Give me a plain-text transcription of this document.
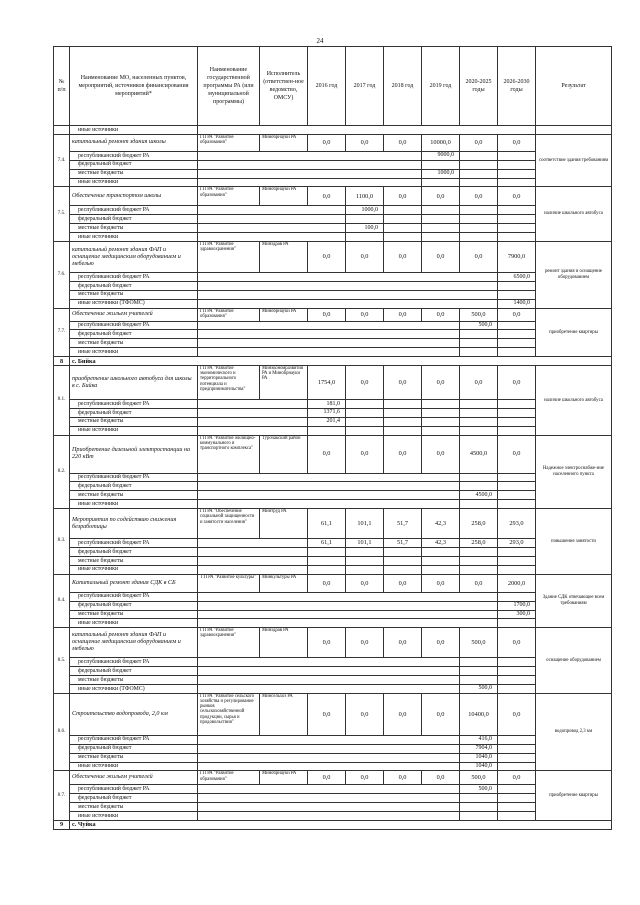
24
№ п/п	Наименование МО, населенных пунктов, мероприятий, источников финансирования мероприятий*	Наименование государственной программы РА (или муниципальной программы)	Исполнитель (ответствен-ное ведомство, ОМСУ)	2016 год	2017 год	2018 год	2019 год	2020-2025 годы	2026-2030 годы	Результат
	иные источники									
7.4.	капитальный ремонт здания школы	ГП РА "Развитие образования"	Минобрнауки РА	0,0	0,0	0,0	10000,0	0,0	0,0	соответствие здания требованиям
	республиканский бюджет РА						9000,0			
	федеральный бюджет									
	местные бюджеты						1000,0			
	иные источники									
7.5.	Обеспечение транспортом школы	ГП РА "Развитие образования"	Минобрнауки РА	0,0	1100,0	0,0	0,0	0,0	0,0	наличие школьного автобуса
	республиканский бюджет РА				1000,0					
	федеральный бюджет									
	местные бюджеты				100,0					
	иные источники									
7.6.	капитальный ремонт здания ФАП и оснащение медицинским оборудованием и мебелью	ГП РА "Развитие здравоохранения"	Минздрав РА	0,0	0,0	0,0	0,0	0,0	7900,0	ремонт здания и оснащение оборудованием
	республиканский бюджет РА								6500,0	
	федеральный бюджет									
	местные бюджеты									
	иные источники (ТФОМС)								1400,0	
7.7.	Обеспечение жильем учителей	ГП РА "Развитие образования"	Минобрнауки РА	0,0	0,0	0,0	0,0	500,0	0,0	приобретение квартиры
	республиканский бюджет РА							500,0		
	федеральный бюджет									
	местные бюджеты									
	иные источники									
8	с. Бийка									
8.1.	приобретение школьного автобуса для школы в с. Бийка	ГП РА "Развитие экономического и территориального потенциала и предпринимательства"	Минэкономразвития РА и Минобрнауки РА	1754,0	0,0	0,0	0,0	0,0	0,0	наличие школьного автобуса
	республиканский бюджет РА			181,0						
	федеральный бюджет			1371,6						
	местные бюджеты			201,4						
	иные источники									
8.2.	Приобретение дизельной электростанции на 220 кВт	ГП РА "Развитие жилищно-коммунального и транспортного комплекса"	Турочакский район	0,0	0,0	0,0	0,0	4500,0	0,0	Надежное электроснабже-ние населенного пункта
	республиканский бюджет РА									
	федеральный бюджет									
	местные бюджеты							4500,0		
	иные источники									
8.3.	Мероприятия по содействию снижения безработицы	ГП РА "Обеспечение социальной защищенности и занятости населения"	Минтруд РА	61,1	101,1	51,7	42,3	258,0	293,0	повышение занятости
	республиканский бюджет РА			61,1	101,1	51,7	42,3	258,0	293,0	
	федеральный бюджет									
	местные бюджеты									
	иные источники									
8.4.	Капитальный ремонт здания СДК в СБ	ГП РА "Развитие культуры"	Минкультуры РА	0,0	0,0	0,0	0,0	0,0	2000,0	Здание СДК отвечающее всем требованиям
	республиканский бюджет РА									
	федеральный бюджет								1700,0	
	местные бюджеты								300,0	
	иные источники									
8.5.	капитальный ремонт здания ФАП и оснащение медицинским оборудованием и мебелью	ГП РА "Развитие здравоохранения"	Минздрав РА	0,0	0,0	0,0	0,0	500,0	0,0	оснащение оборудованием
	республиканский бюджет РА									
	федеральный бюджет									
	местные бюджеты									
	иные источники (ТФОМС)							500,0		
8.6.	Строительство водопровода, 2,0 км	ГП РА "Развитие сельского хозяйства и регулирование рынков сельскохозяйственной продукции, сырья и продовольствия"	Минсельхоз РА	0,0	0,0	0,0	0,0	10400,0	0,0	водопровод 2,3 км
	республиканский бюджет РА							416,0		
	федеральный бюджет							7904,0		
	местные бюджеты							1040,0		
	иные источники							1040,0		
8.7.	Обеспечение жильем учителей	ГП РА "Развитие образования"	Минобрнауки РА	0,0	0,0	0,0	0,0	500,0	0,0	приобретение квартиры
	республиканский бюджет РА							500,0		
	федеральный бюджет									
	местные бюджеты									
	иные источники									
9	с. Чуйка									
